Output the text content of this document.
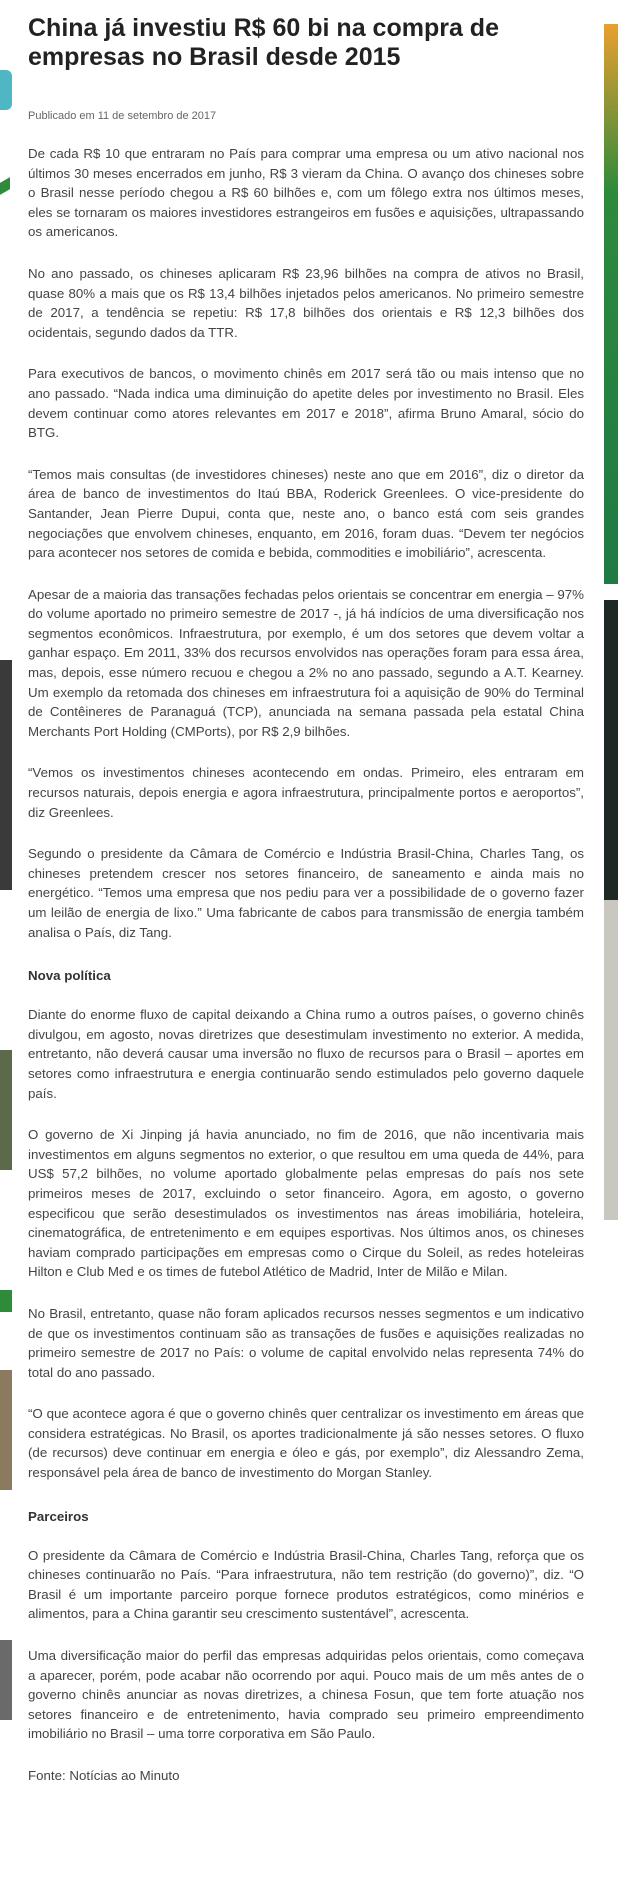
China já investiu R$ 60 bi na compra de empresas no Brasil desde 2015
Publicado em 11 de setembro de 2017

De cada R$ 10 que entraram no País para comprar uma empresa ou um ativo nacional nos últimos 30 meses encerrados em junho, R$ 3 vieram da China. O avanço dos chineses sobre o Brasil nesse período chegou a R$ 60 bilhões e, com um fôlego extra nos últimos meses, eles se tornaram os maiores investidores estrangeiros em fusões e aquisições, ultrapassando os americanos.

No ano passado, os chineses aplicaram R$ 23,96 bilhões na compra de ativos no Brasil, quase 80% a mais que os R$ 13,4 bilhões injetados pelos americanos. No primeiro semestre de 2017, a tendência se repetiu: R$ 17,8 bilhões dos orientais e R$ 12,3 bilhões dos ocidentais, segundo dados da TTR.

Para executivos de bancos, o movimento chinês em 2017 será tão ou mais intenso que no ano passado. “Nada indica uma diminuição do apetite deles por investimento no Brasil. Eles devem continuar como atores relevantes em 2017 e 2018”, afirma Bruno Amaral, sócio do BTG.

“Temos mais consultas (de investidores chineses) neste ano que em 2016”, diz o diretor da área de banco de investimentos do Itaú BBA, Roderick Greenlees. O vice-presidente do Santander, Jean Pierre Dupui, conta que, neste ano, o banco está com seis grandes negociações que envolvem chineses, enquanto, em 2016, foram duas. “Devem ter negócios para acontecer nos setores de comida e bebida, commodities e imobiliário”, acrescenta.

Apesar de a maioria das transações fechadas pelos orientais se concentrar em energia – 97% do volume aportado no primeiro semestre de 2017 -, já há indícios de uma diversificação nos segmentos econômicos. Infraestrutura, por exemplo, é um dos setores que devem voltar a ganhar espaço. Em 2011, 33% dos recursos envolvidos nas operações foram para essa área, mas, depois, esse número recuou e chegou a 2% no ano passado, segundo a A.T. Kearney. Um exemplo da retomada dos chineses em infraestrutura foi a aquisição de 90% do Terminal de Contêineres de Paranaguá (TCP), anunciada na semana passada pela estatal China Merchants Port Holding (CMPorts), por R$ 2,9 bilhões.

“Vemos os investimentos chineses acontecendo em ondas. Primeiro, eles entraram em recursos naturais, depois energia e agora infraestrutura, principalmente portos e aeroportos”, diz Greenlees.

Segundo o presidente da Câmara de Comércio e Indústria Brasil-China, Charles Tang, os chineses pretendem crescer nos setores financeiro, de saneamento e ainda mais no energético. “Temos uma empresa que nos pediu para ver a possibilidade de o governo fazer um leilão de energia de lixo.” Uma fabricante de cabos para transmissão de energia também analisa o País, diz Tang.

Nova política

Diante do enorme fluxo de capital deixando a China rumo a outros países, o governo chinês divulgou, em agosto, novas diretrizes que desestimulam investimento no exterior. A medida, entretanto, não deverá causar uma inversão no fluxo de recursos para o Brasil – aportes em setores como infraestrutura e energia continuarão sendo estimulados pelo governo daquele país.

O governo de Xi Jinping já havia anunciado, no fim de 2016, que não incentivaria mais investimentos em alguns segmentos no exterior, o que resultou em uma queda de 44%, para US$ 57,2 bilhões, no volume aportado globalmente pelas empresas do país nos sete primeiros meses de 2017, excluindo o setor financeiro. Agora, em agosto, o governo especificou que serão desestimulados os investimentos nas áreas imobiliária, hoteleira, cinematográfica, de entretenimento e em equipes esportivas. Nos últimos anos, os chineses haviam comprado participações em empresas como o Cirque du Soleil, as redes hoteleiras Hilton e Club Med e os times de futebol Atlético de Madrid, Inter de Milão e Milan.

No Brasil, entretanto, quase não foram aplicados recursos nesses segmentos e um indicativo de que os investimentos continuam são as transações de fusões e aquisições realizadas no primeiro semestre de 2017 no País: o volume de capital envolvido nelas representa 74% do total do ano passado.

“O que acontece agora é que o governo chinês quer centralizar os investimento em áreas que considera estratégicas. No Brasil, os aportes tradicionalmente já são nesses setores. O fluxo (de recursos) deve continuar em energia e óleo e gás, por exemplo”, diz Alessandro Zema, responsável pela área de banco de investimento do Morgan Stanley.

Parceiros

O presidente da Câmara de Comércio e Indústria Brasil-China, Charles Tang, reforça que os chineses continuarão no País. “Para infraestrutura, não tem restrição (do governo)”, diz. “O Brasil é um importante parceiro porque fornece produtos estratégicos, como minérios e alimentos, para a China garantir seu crescimento sustentável”, acrescenta.

Uma diversificação maior do perfil das empresas adquiridas pelos orientais, como começava a aparecer, porém, pode acabar não ocorrendo por aqui. Pouco mais de um mês antes de o governo chinês anunciar as novas diretrizes, a chinesa Fosun, que tem forte atuação nos setores financeiro e de entretenimento, havia comprado seu primeiro empreendimento imobiliário no Brasil – uma torre corporativa em São Paulo.

Fonte: Notícias ao Minuto
